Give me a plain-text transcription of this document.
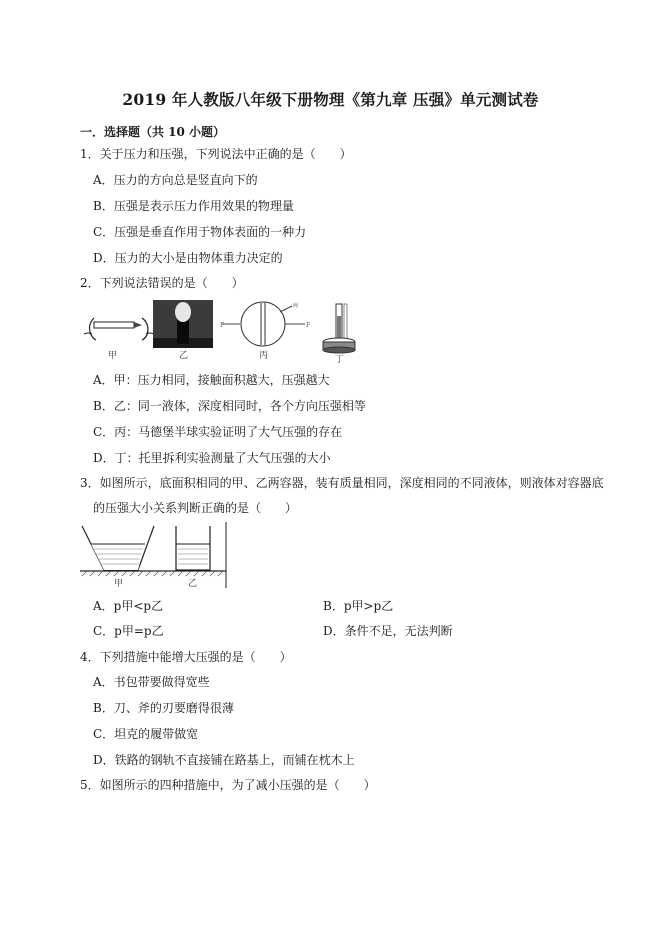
2019 年人教版八年级下册物理《第九章 压强》单元测试卷
一．选择题（共 10 小题）
1．关于压力和压强，下列说法中正确的是（　　）
A．压力的方向总是竖直向下的
B．压强是表示压力作用效果的物理量
C．压强是垂直作用于物体表面的一种力
D．压力的大小是由物体重力决定的
2．下列说法错误的是（　　）
甲	乙
F	F
阀
丙	丁
A．甲：压力相同，接触面积越大，压强越大
B．乙：同一液体，深度相同时，各个方向压强相等
C．丙：马德堡半球实验证明了大气压强的存在
D．丁：托里拆利实验测量了大气压强的大小
3．如图所示，底面积相同的甲、乙两容器，装有质量相同，深度相同的不同液体，则液体对容器底
的压强大小关系判断正确的是（　　）
甲	乙
A．p甲<p乙	B．p甲>p乙
C．p甲=p乙	D．条件不足，无法判断
4．下列措施中能增大压强的是（　　）
A．书包带要做得宽些
B．刀、斧的刃要磨得很薄
C．坦克的履带做宽
D．铁路的钢轨不直接铺在路基上，而铺在枕木上
5．如图所示的四种措施中，为了减小压强的是（　　）
